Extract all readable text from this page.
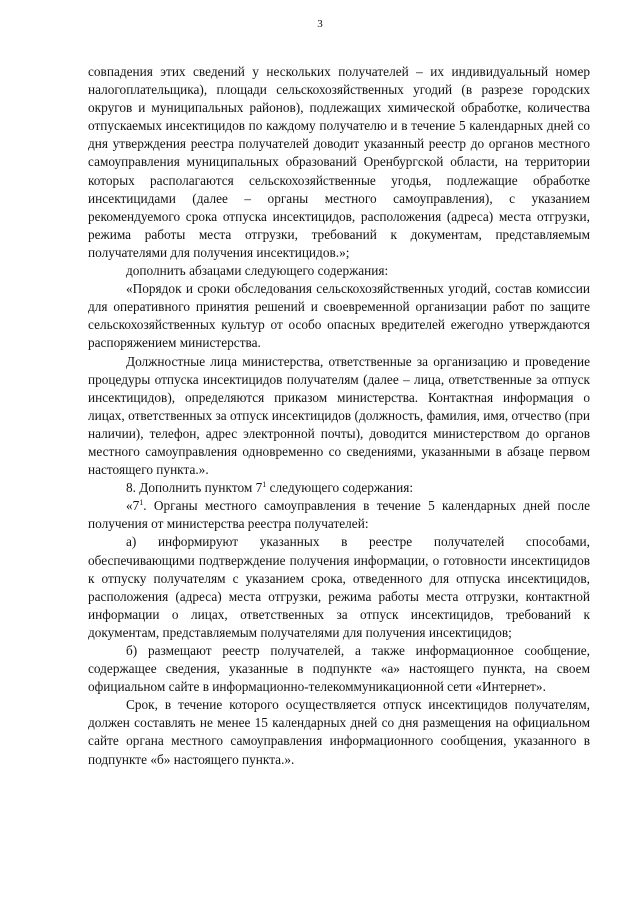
3

совпадения этих сведений у нескольких получателей – их индивидуальный номер налогоплательщика), площади сельскохозяйственных угодий (в разрезе городских округов и муниципальных районов), подлежащих химической обработке, количества отпускаемых инсектицидов по каждому получателю и в течение 5 календарных дней со дня утверждения реестра получателей доводит указанный реестр до органов местного самоуправления муниципальных образований Оренбургской области, на территории которых располагаются сельскохозяйственные угодья, подлежащие обработке инсектицидами (далее – органы местного самоуправления), с указанием рекомендуемого срока отпуска инсектицидов, расположения (адреса) места отгрузки, режима работы места отгрузки, требований к документам, представляемым получателями для получения инсектицидов.»;

дополнить абзацами следующего содержания:

«Порядок и сроки обследования сельскохозяйственных угодий, состав комиссии для оперативного принятия решений и своевременной организации работ по защите сельскохозяйственных культур от особо опасных вредителей ежегодно утверждаются распоряжением министерства.

Должностные лица министерства, ответственные за организацию и проведение процедуры отпуска инсектицидов получателям (далее – лица, ответственные за отпуск инсектицидов), определяются приказом министерства. Контактная информация о лицах, ответственных за отпуск инсектицидов (должность, фамилия, имя, отчество (при наличии), телефон, адрес электронной почты), доводится министерством до органов местного самоуправления одновременно со сведениями, указанными в абзаце первом настоящего пункта.».

8. Дополнить пунктом $7^1$ следующего содержания:

«$7^1$. Органы местного самоуправления в течение 5 календарных дней после получения от министерства реестра получателей:

а) информируют указанных в реестре получателей способами, обеспечивающими подтверждение получения информации, о готовности инсектицидов к отпуску получателям с указанием срока, отведенного для отпуска инсектицидов, расположения (адреса) места отгрузки, режима работы места отгрузки, контактной информации о лицах, ответственных за отпуск инсектицидов, требований к документам, представляемым получателями для получения инсектицидов;

б) размещают реестр получателей, а также информационное сообщение, содержащее сведения, указанные в подпункте «а» настоящего пункта, на своем официальном сайте в информационно-телекоммуникационной сети «Интернет».

Срок, в течение которого осуществляется отпуск инсектицидов получателям, должен составлять не менее 15 календарных дней со дня размещения на официальном сайте органа местного самоуправления информационного сообщения, указанного в подпункте «б» настоящего пункта.».
